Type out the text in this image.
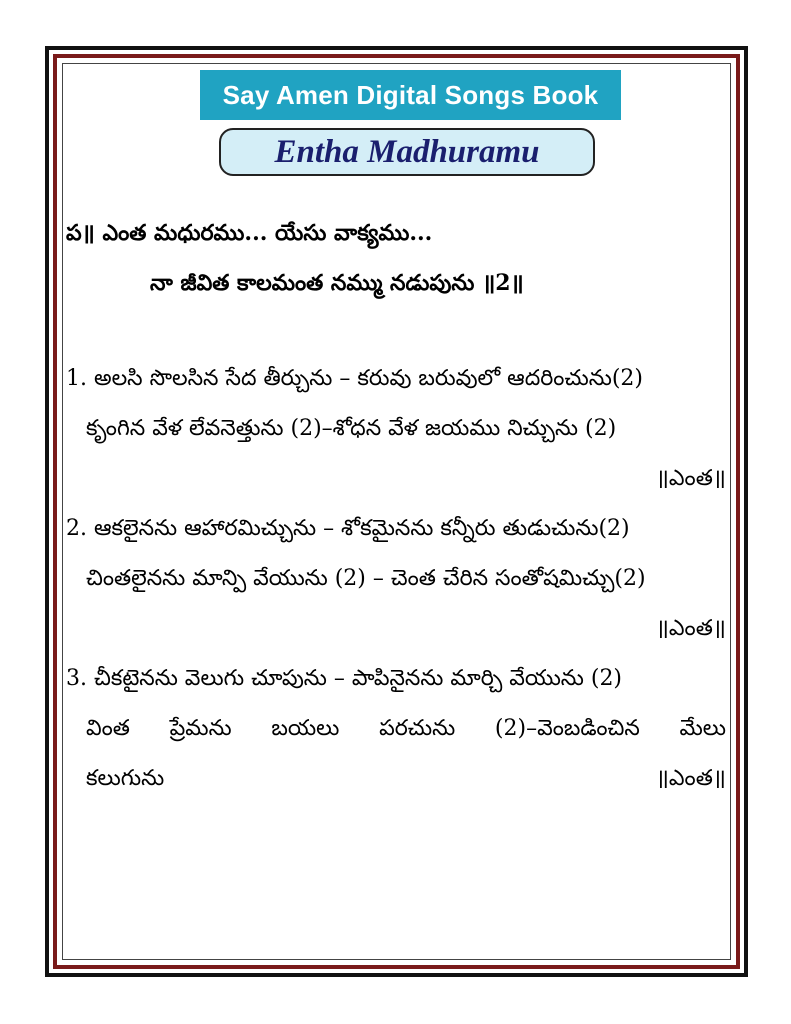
Say Amen Digital Songs Book
Entha Madhuramu
ప॥ ఎంత మధురము... యేసు వాక్యము...
నా జీవిత కాలమంత నమ్ము నడుపును ॥2॥
1. అలసి సొలసిన సేద తీర్చును – కరువు బరువులో ఆదరించును(2)
కృంగిన వేళ లేవనెత్తును (2)–శోధన వేళ జయము నిచ్చును (2)
॥ఎంత॥
2. ఆకలైనను ఆహారమిచ్చును – శోకమైనను కన్నీరు తుడుచును(2)
చింతలైనను మాన్పి వేయును (2) – చెంత చేరిన సంతోషమిచ్చు(2)
॥ఎంత॥
3. చీకటైనను వెలుగు చూపును – పాపినైనను మార్చి వేయును (2)
వింత ప్రేమను బయలు పరచును (2)–వెంబడించిన మేలు
కలుగును	॥ఎంత॥
